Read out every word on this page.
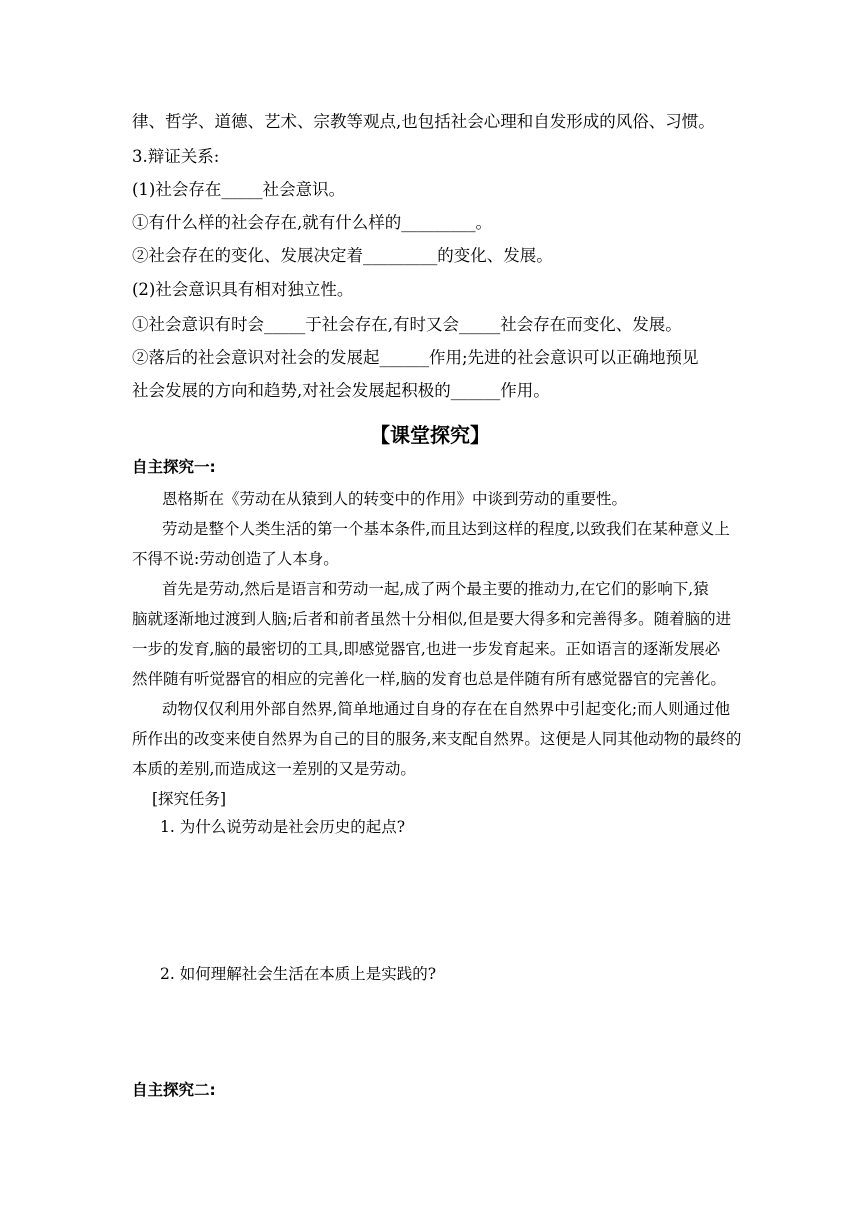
律、哲学、道德、艺术、宗教等观点,也包括社会心理和自发形成的风俗、习惯。
3.辩证关系:
(1)社会存在_____社会意识。
①有什么样的社会存在,就有什么样的_________。
②社会存在的变化、发展决定着_________的变化、发展。
(2)社会意识具有相对独立性。
①社会意识有时会_____于社会存在,有时又会_____社会存在而变化、发展。
②落后的社会意识对社会的发展起______作用;先进的社会意识可以正确地预见
社会发展的方向和趋势,对社会发展起积极的______作用。
【课堂探究】
自主探究一:
恩格斯在《劳动在从猿到人的转变中的作用》中谈到劳动的重要性。
劳动是整个人类生活的第一个基本条件,而且达到这样的程度,以致我们在某种意义上
不得不说:劳动创造了人本身。
首先是劳动,然后是语言和劳动一起,成了两个最主要的推动力,在它们的影响下,猿
脑就逐渐地过渡到人脑;后者和前者虽然十分相似,但是要大得多和完善得多。随着脑的进
一步的发育,脑的最密切的工具,即感觉器官,也进一步发育起来。正如语言的逐渐发展必
然伴随有听觉器官的相应的完善化一样,脑的发育也总是伴随有所有感觉器官的完善化。
动物仅仅利用外部自然界,简单地通过自身的存在在自然界中引起变化;而人则通过他
所作出的改变来使自然界为自己的目的服务,来支配自然界。这便是人同其他动物的最终的
本质的差别,而造成这一差别的又是劳动。
[探究任务]
1. 为什么说劳动是社会历史的起点?
2. 如何理解社会生活在本质上是实践的?
自主探究二:
